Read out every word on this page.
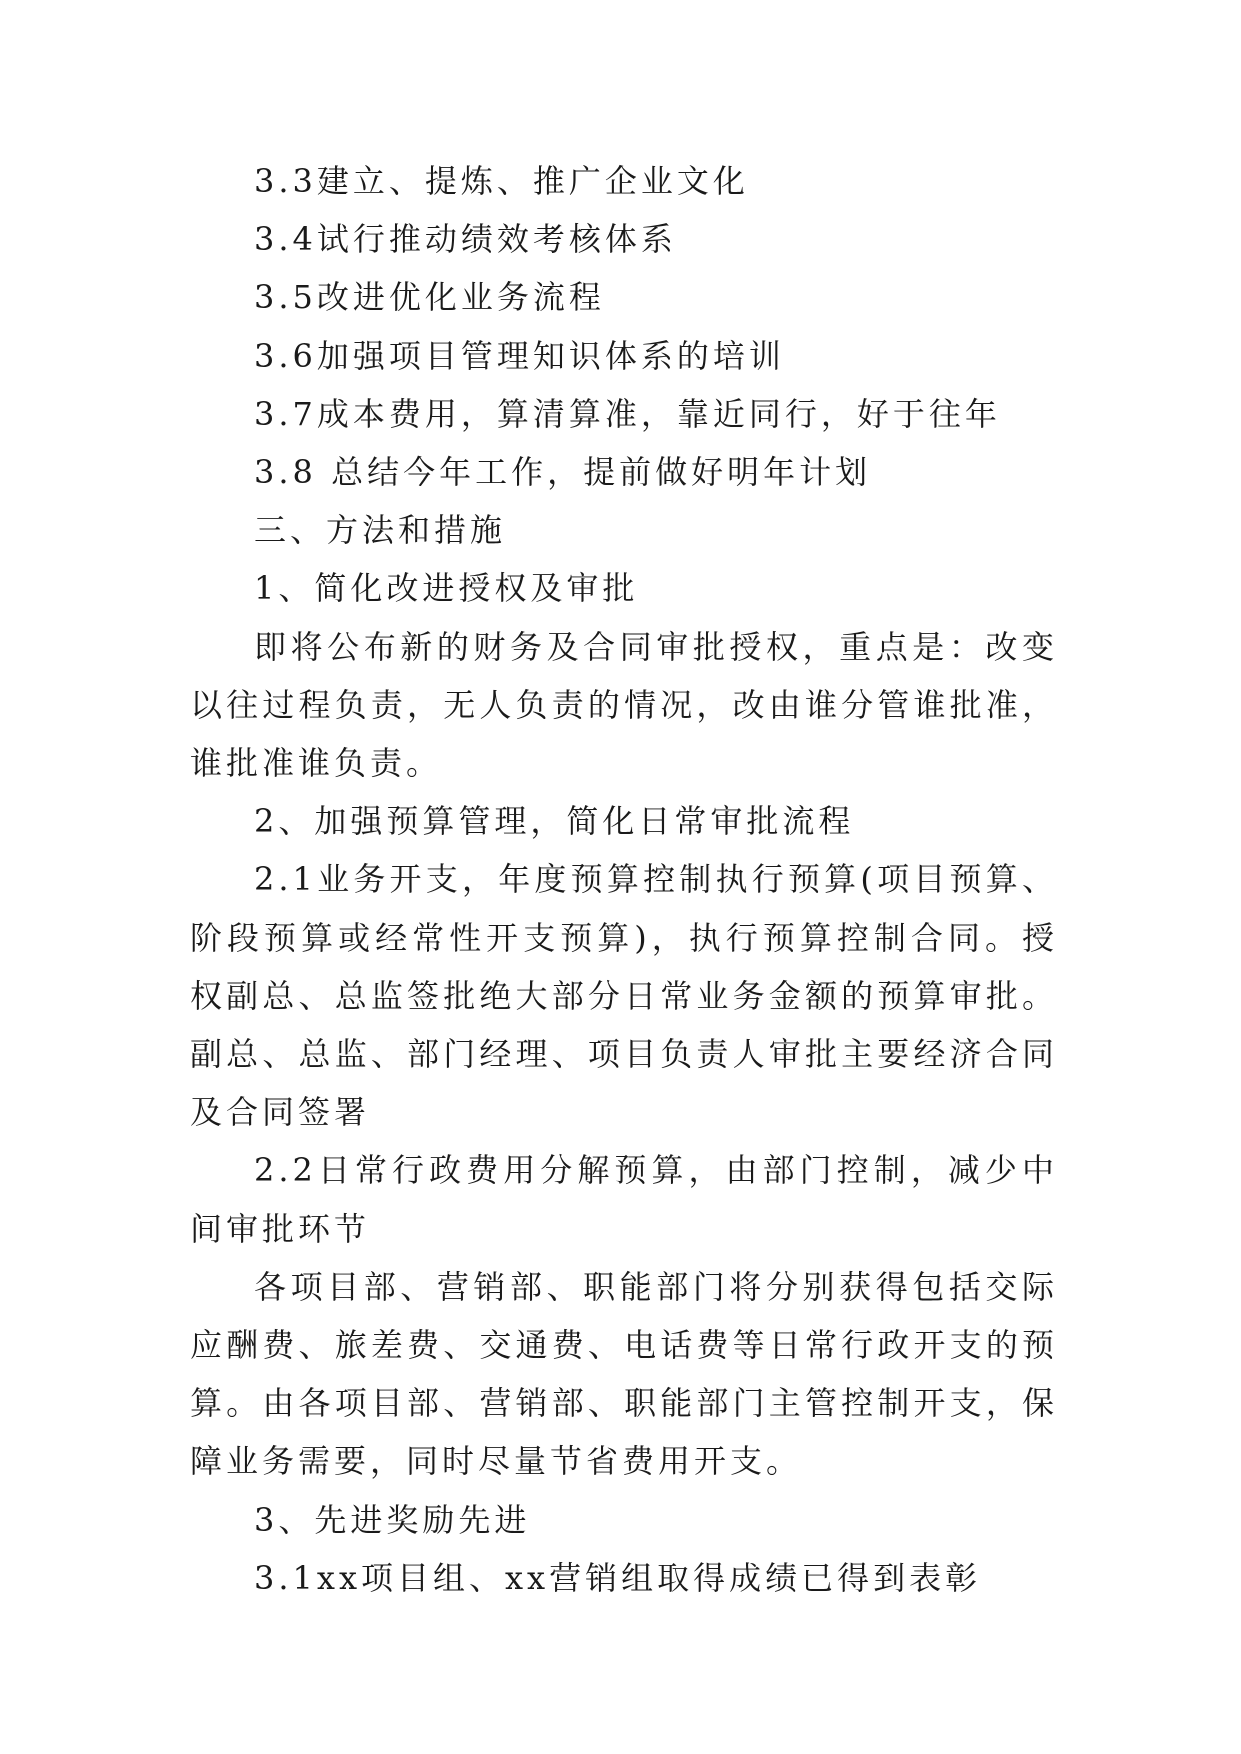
3.3建立、提炼、推广企业文化

3.4试行推动绩效考核体系

3.5改进优化业务流程

3.6加强项目管理知识体系的培训

3.7成本费用，算清算准，靠近同行，好于往年

3.8 总结今年工作，提前做好明年计划

三、方法和措施

1、简化改进授权及审批

即将公布新的财务及合同审批授权，重点是：改变以往过程负责，无人负责的情况，改由谁分管谁批准，谁批准谁负责。

2、加强预算管理，简化日常审批流程

2.1业务开支，年度预算控制执行预算(项目预算、阶段预算或经常性开支预算)，执行预算控制合同。授权副总、总监签批绝大部分日常业务金额的预算审批。副总、总监、部门经理、项目负责人审批主要经济合同及合同签署

2.2日常行政费用分解预算，由部门控制，减少中间审批环节

各项目部、营销部、职能部门将分别获得包括交际应酬费、旅差费、交通费、电话费等日常行政开支的预算。由各项目部、营销部、职能部门主管控制开支，保障业务需要，同时尽量节省费用开支。

3、先进奖励先进

3.1xx项目组、xx营销组取得成绩已得到表彰
